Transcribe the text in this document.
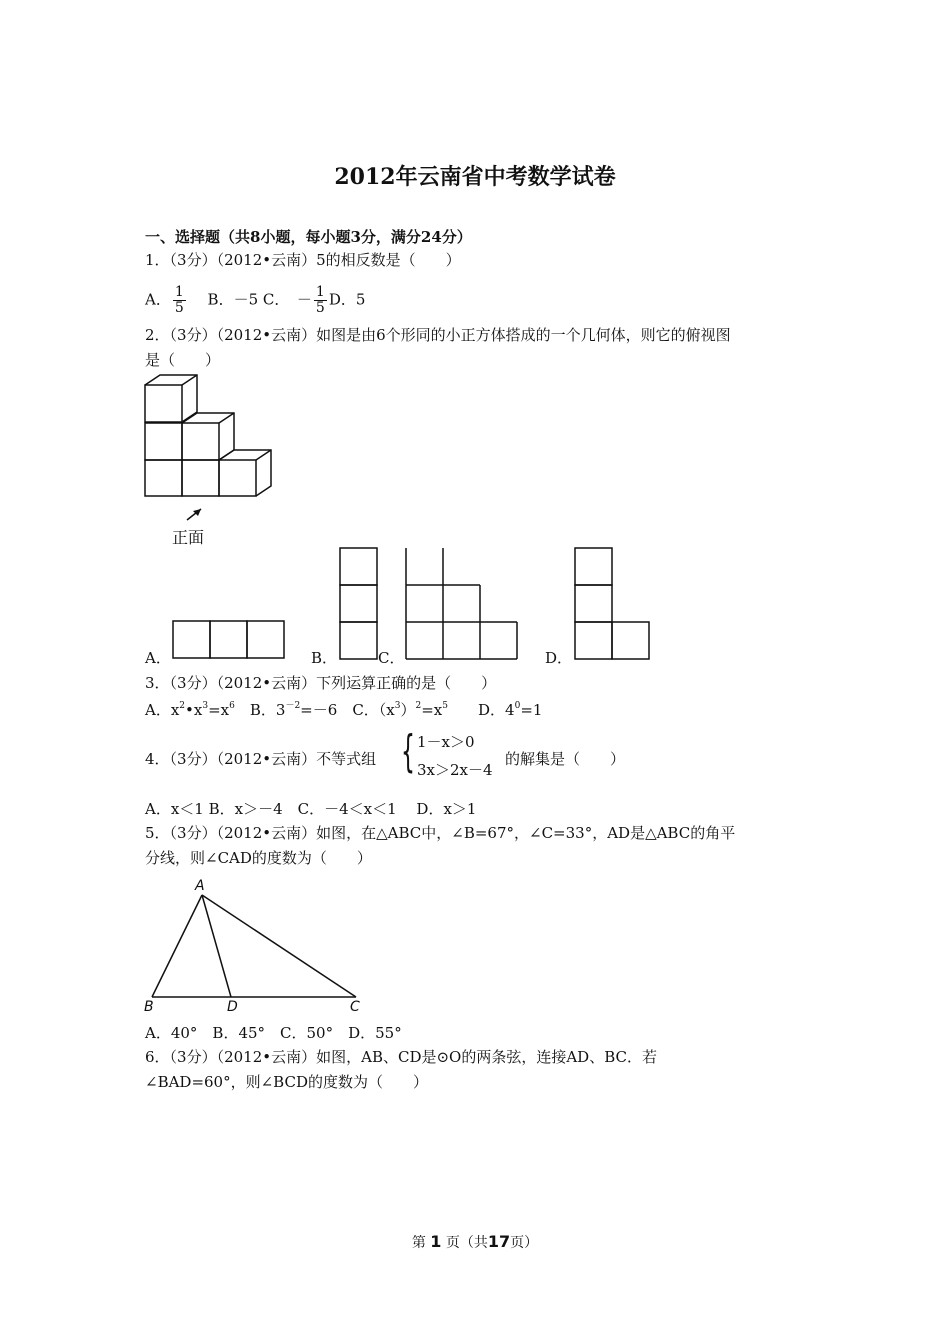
2012年云南省中考数学试卷
一、选择题（共8小题，每小题3分，满分24分）
1．（3分）（2012•云南）5的相反数是（　　）
A． $\frac{1}{5}$
　 B．－5 C．　 － $\frac{1}{5}$ D．5
2．（3分）（2012•云南）如图是由6个形同的小正方体搭成的一个几何体，则它的俯视图
是（　　）
正面
A．	B．	C．	D．
3．（3分）（2012•云南）下列运算正确的是（　　）
A．$x^2•x^3=x^6$　 B．$3^{-2}=-6$　 C．$(x^3)^2=x^5$　　 D．$4^0=1$
4．（3分）（2012•云南）不等式组 { 1－x＞0
3x＞2x－4
的解集是（　　）
A．x＜1 B．x＞－4　C．－4＜x＜1　 D．x＞1
5．（3分）（2012•云南）如图，在△ABC中，∠B=67°，∠C=33°，AD是△ABC的角平
分线，则∠CAD的度数为（　　）
A
B	D	C
A．40°　B．45°　C．50°　D．55°
6．（3分）（2012•云南）如图，AB、CD是⊙O的两条弦，连接AD、BC．若
∠BAD=60°，则∠BCD的度数为（　　）
第 1 页（共17页）
